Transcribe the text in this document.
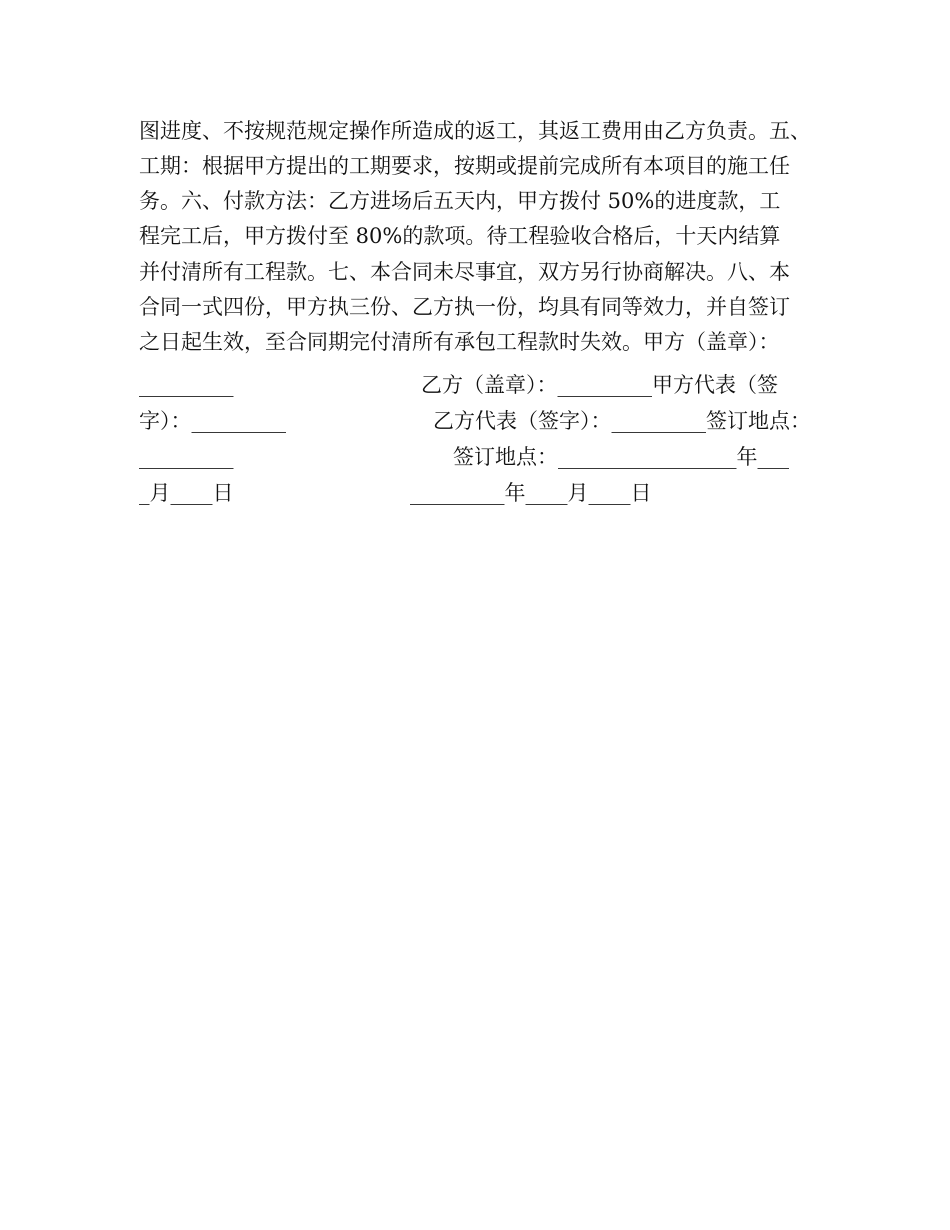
图进度、不按规范规定操作所造成的返工，其返工费用由乙方负责。五、
工期：根据甲方提出的工期要求，按期或提前完成所有本项目的施工任
务。六、付款方法：乙方进场后五天内，甲方拨付 50%的进度款，工
程完工后，甲方拨付至 80%的款项。待工程验收合格后，十天内结算
并付清所有工程款。七、本合同未尽事宜，双方另行协商解决。八、本
合同一式四份，甲方执三份、乙方执一份，均具有同等效力，并自签订
之日起生效，至合同期完付清所有承包工程款时失效。甲方（盖章）：

_________

	乙方（盖章）：_________甲方代表（签

字）：_________

	乙方代表（签字）：_________签订地点：

_________

	签订地点：_________________年___

_月____日

	_________年____月____日
